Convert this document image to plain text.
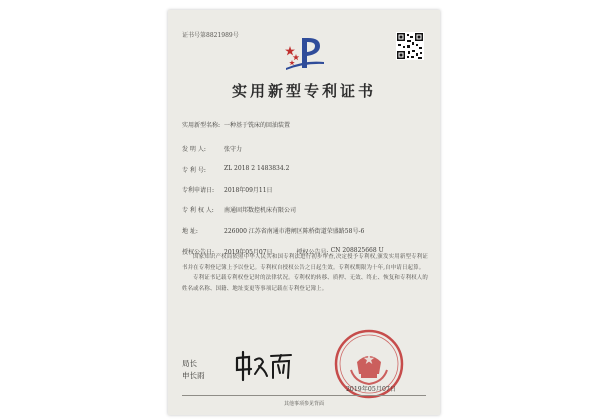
证书号第8821989号
实用新型专利证书
实用新型名称: 一种基于铣床的回油装置
发 明 人:	张守力
专 利 号:	ZL 2018 2 1483834.2
专利申请日:	2018年09月11日
专 利 权 人:	南通固邦数控机床有限公司
地 址:	226000 江苏省南通市港闸区陈桥街道荣盛路58号-6
授权公告日:	2019年05月07日	授权公告号: CN 208825668 U

国家知识产权局依照中华人民共和国专利法进行初步审查,决定授予专利权,颁发实用新型专利证书并在专利登记簿上予以登记。专利权自授权公告之日起生效。专利权期限为十年,自申请日起算。

专利证书记载专利权登记时的法律状况。专利权的转移、质押、无效、终止、恢复和专利权人的姓名或名称、国籍、地址变更等事项记载在专利登记簿上。

局长
申长雨
2019年05月07日
其他事项参见背面
